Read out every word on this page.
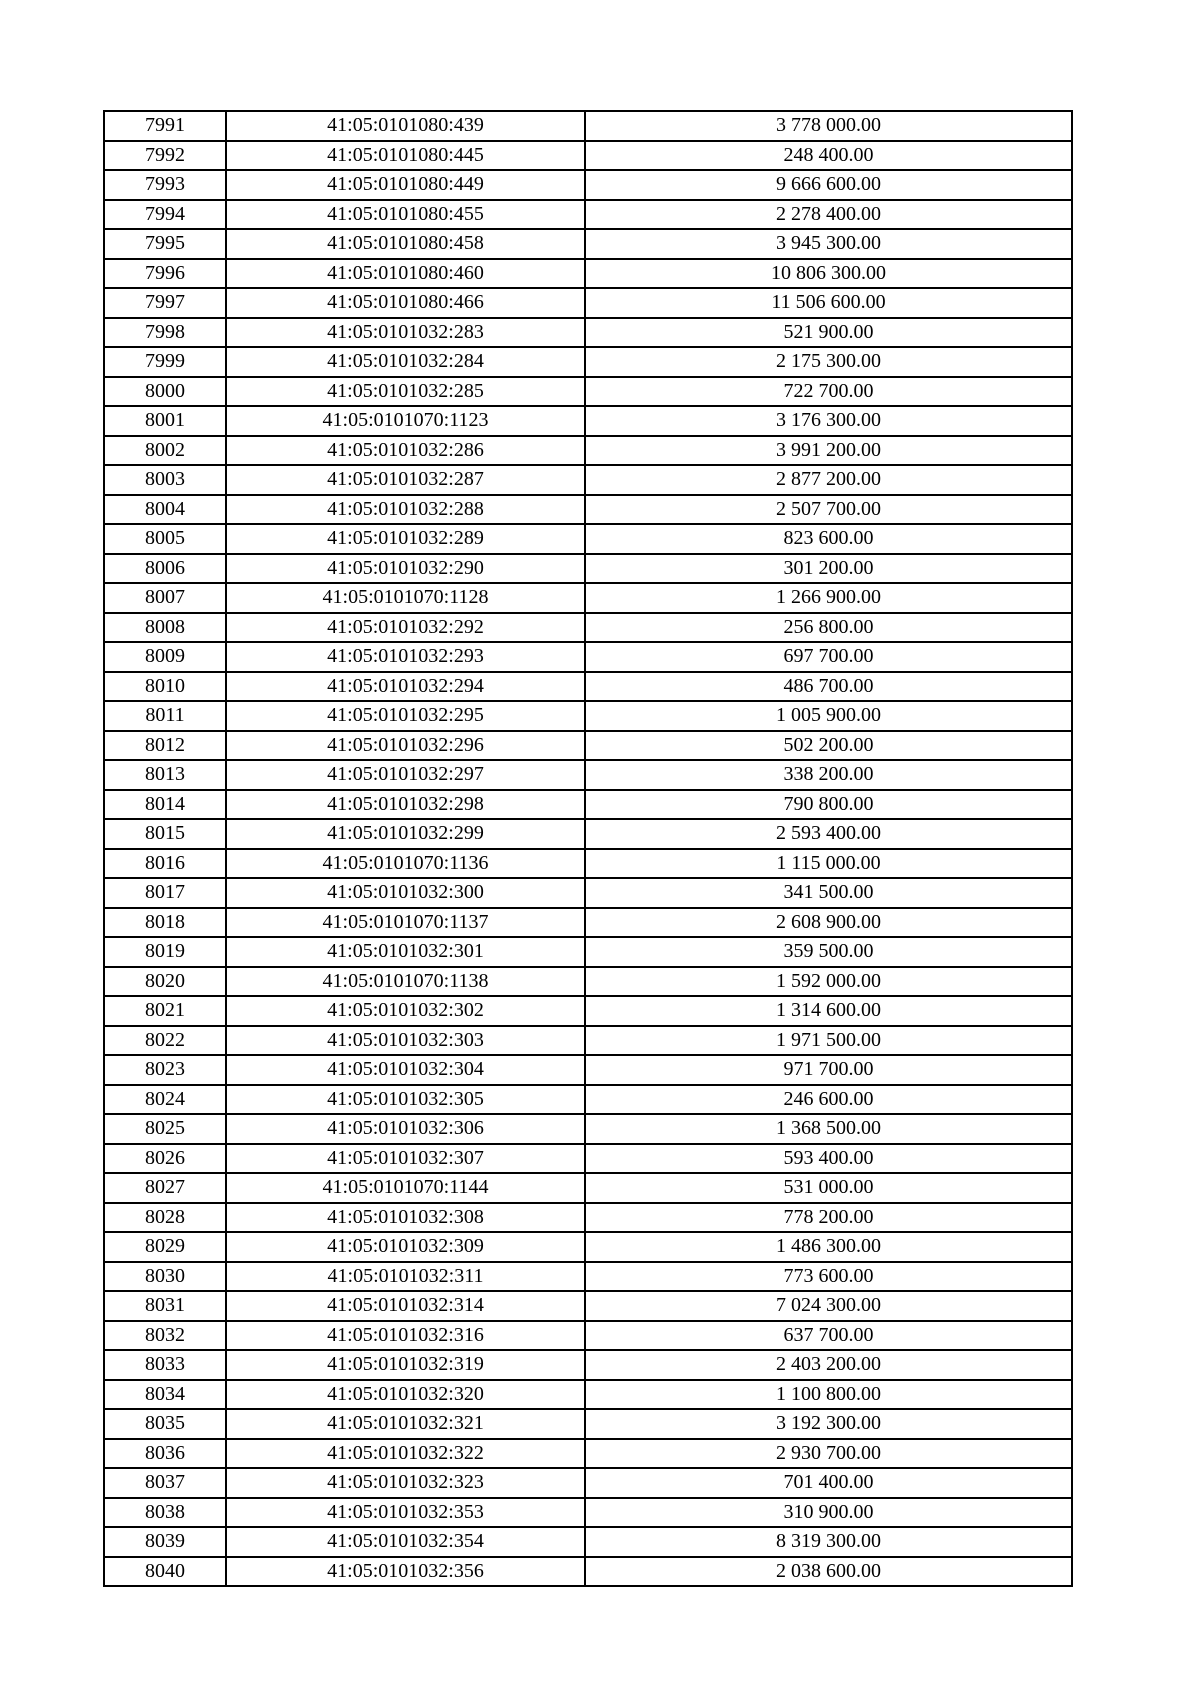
7991	41:05:0101080:439	3 778 000.00
7992	41:05:0101080:445	248 400.00
7993	41:05:0101080:449	9 666 600.00
7994	41:05:0101080:455	2 278 400.00
7995	41:05:0101080:458	3 945 300.00
7996	41:05:0101080:460	10 806 300.00
7997	41:05:0101080:466	11 506 600.00
7998	41:05:0101032:283	521 900.00
7999	41:05:0101032:284	2 175 300.00
8000	41:05:0101032:285	722 700.00
8001	41:05:0101070:1123	3 176 300.00
8002	41:05:0101032:286	3 991 200.00
8003	41:05:0101032:287	2 877 200.00
8004	41:05:0101032:288	2 507 700.00
8005	41:05:0101032:289	823 600.00
8006	41:05:0101032:290	301 200.00
8007	41:05:0101070:1128	1 266 900.00
8008	41:05:0101032:292	256 800.00
8009	41:05:0101032:293	697 700.00
8010	41:05:0101032:294	486 700.00
8011	41:05:0101032:295	1 005 900.00
8012	41:05:0101032:296	502 200.00
8013	41:05:0101032:297	338 200.00
8014	41:05:0101032:298	790 800.00
8015	41:05:0101032:299	2 593 400.00
8016	41:05:0101070:1136	1 115 000.00
8017	41:05:0101032:300	341 500.00
8018	41:05:0101070:1137	2 608 900.00
8019	41:05:0101032:301	359 500.00
8020	41:05:0101070:1138	1 592 000.00
8021	41:05:0101032:302	1 314 600.00
8022	41:05:0101032:303	1 971 500.00
8023	41:05:0101032:304	971 700.00
8024	41:05:0101032:305	246 600.00
8025	41:05:0101032:306	1 368 500.00
8026	41:05:0101032:307	593 400.00
8027	41:05:0101070:1144	531 000.00
8028	41:05:0101032:308	778 200.00
8029	41:05:0101032:309	1 486 300.00
8030	41:05:0101032:311	773 600.00
8031	41:05:0101032:314	7 024 300.00
8032	41:05:0101032:316	637 700.00
8033	41:05:0101032:319	2 403 200.00
8034	41:05:0101032:320	1 100 800.00
8035	41:05:0101032:321	3 192 300.00
8036	41:05:0101032:322	2 930 700.00
8037	41:05:0101032:323	701 400.00
8038	41:05:0101032:353	310 900.00
8039	41:05:0101032:354	8 319 300.00
8040	41:05:0101032:356	2 038 600.00
